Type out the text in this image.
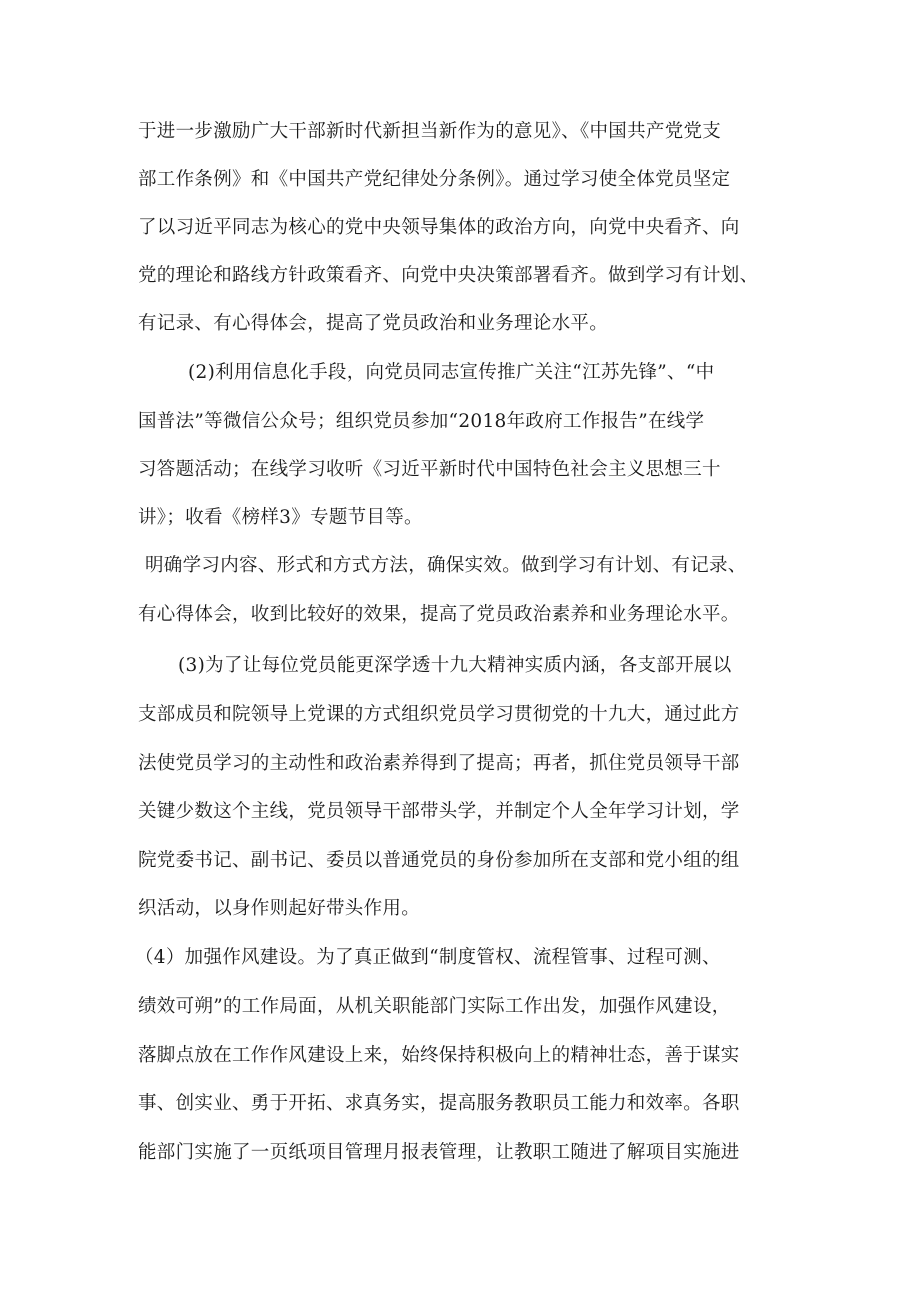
于进一步激励广大干部新时代新担当新作为的意见》、《中国共产党党支
部工作条例》和《中国共产党纪律处分条例》。通过学习使全体党员坚定
了以习近平同志为核心的党中央领导集体的政治方向，向党中央看齐、向
党的理论和路线方针政策看齐、向党中央决策部署看齐。做到学习有计划、
有记录、有心得体会，提高了党员政治和业务理论水平。
(2)利用信息化手段，向党员同志宣传推广关注“江苏先锋”、“中
国普法”等微信公众号；组织党员参加“2018年政府工作报告”在线学
习答题活动；在线学习收听《习近平新时代中国特色社会主义思想三十
讲》；收看《榜样3》专题节目等。
明确学习内容、形式和方式方法，确保实效。做到学习有计划、有记录、
有心得体会，收到比较好的效果，提高了党员政治素养和业务理论水平。
(3)为了让每位党员能更深学透十九大精神实质内涵，各支部开展以
支部成员和院领导上党课的方式组织党员学习贯彻党的十九大，通过此方
法使党员学习的主动性和政治素养得到了提高；再者，抓住党员领导干部
关键少数这个主线，党员领导干部带头学，并制定个人全年学习计划，学
院党委书记、副书记、委员以普通党员的身份参加所在支部和党小组的组
织活动，以身作则起好带头作用。
（4）加强作风建设。为了真正做到“制度管权、流程管事、过程可测、
绩效可朔”的工作局面，从机关职能部门实际工作出发，加强作风建设，
落脚点放在工作作风建设上来，始终保持积极向上的精神壮态，善于谋实
事、创实业、勇于开拓、求真务实，提高服务教职员工能力和效率。各职
能部门实施了一页纸项目管理月报表管理，让教职工随进了解项目实施进
